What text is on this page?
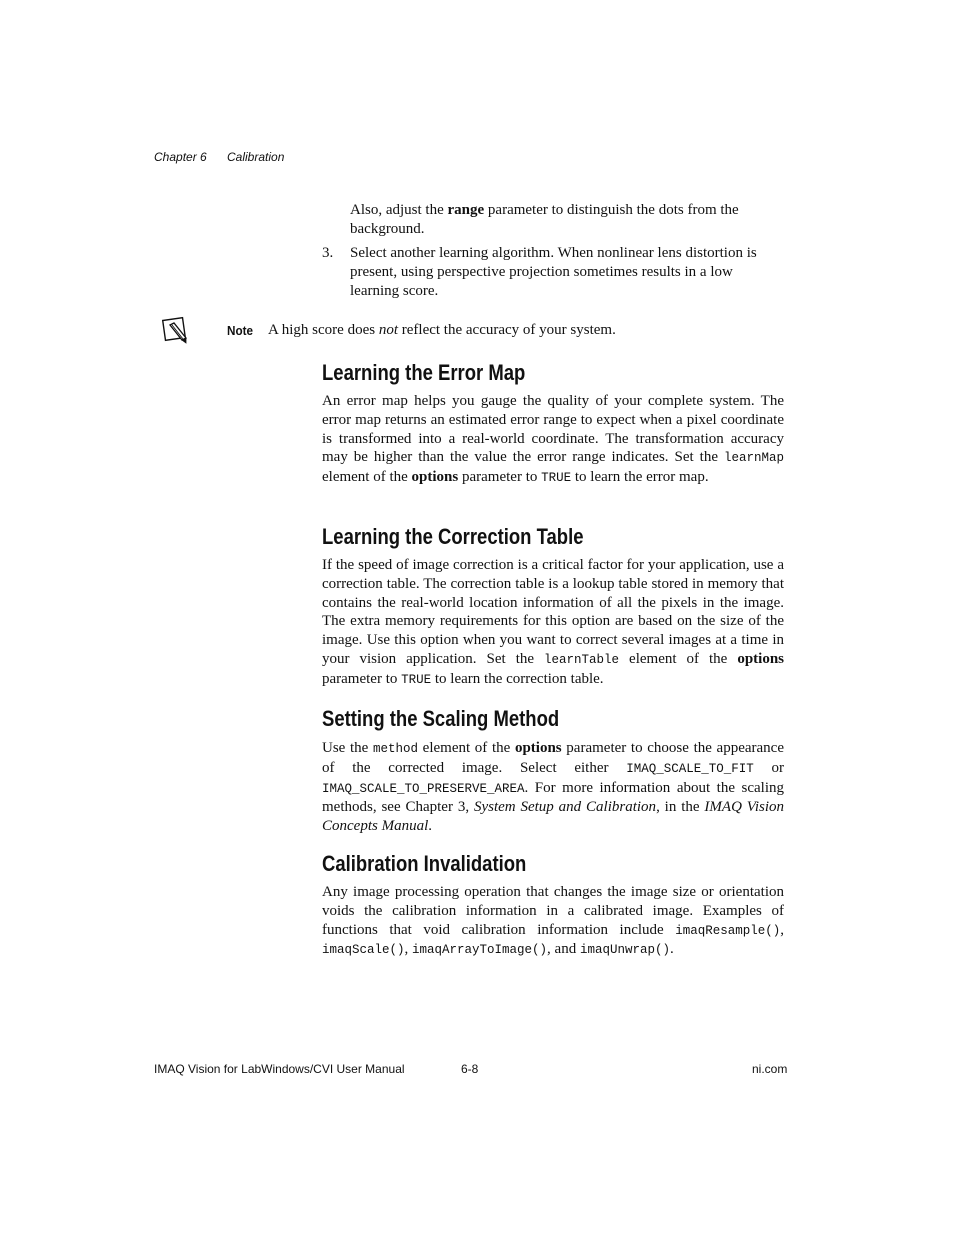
Chapter 6 Calibration
Also, adjust the range parameter to distinguish the dots from the background.
3. Select another learning algorithm. When nonlinear lens distortion is present, using perspective projection sometimes results in a low learning score.
Note A high score does not reflect the accuracy of your system.
Learning the Error Map

An error map helps you gauge the quality of your complete system. The error map returns an estimated error range to expect when a pixel coordinate is transformed into a real-world coordinate. The transformation accuracy may be higher than the value the error range indicates. Set the learnMap element of the options parameter to TRUE to learn the error map.

Learning the Correction Table

If the speed of image correction is a critical factor for your application, use a correction table. The correction table is a lookup table stored in memory that contains the real-world location information of all the pixels in the image. The extra memory requirements for this option are based on the size of the image. Use this option when you want to correct several images at a time in your vision application. Set the learnTable element of the options parameter to TRUE to learn the correction table.

Setting the Scaling Method

Use the method element of the options parameter to choose the appearance of the corrected image. Select either IMAQ_SCALE_TO_FIT or IMAQ_SCALE_TO_PRESERVE_AREA. For more information about the scaling methods, see Chapter 3, System Setup and Calibration, in the IMAQ Vision Concepts Manual.

Calibration Invalidation

Any image processing operation that changes the image size or orientation voids the calibration information in a calibrated image. Examples of functions that void calibration information include imaqResample(), imaqScale(), imaqArrayToImage(), and imaqUnwrap().

IMAQ Vision for LabWindows/CVI User Manual	6-8	ni.com
